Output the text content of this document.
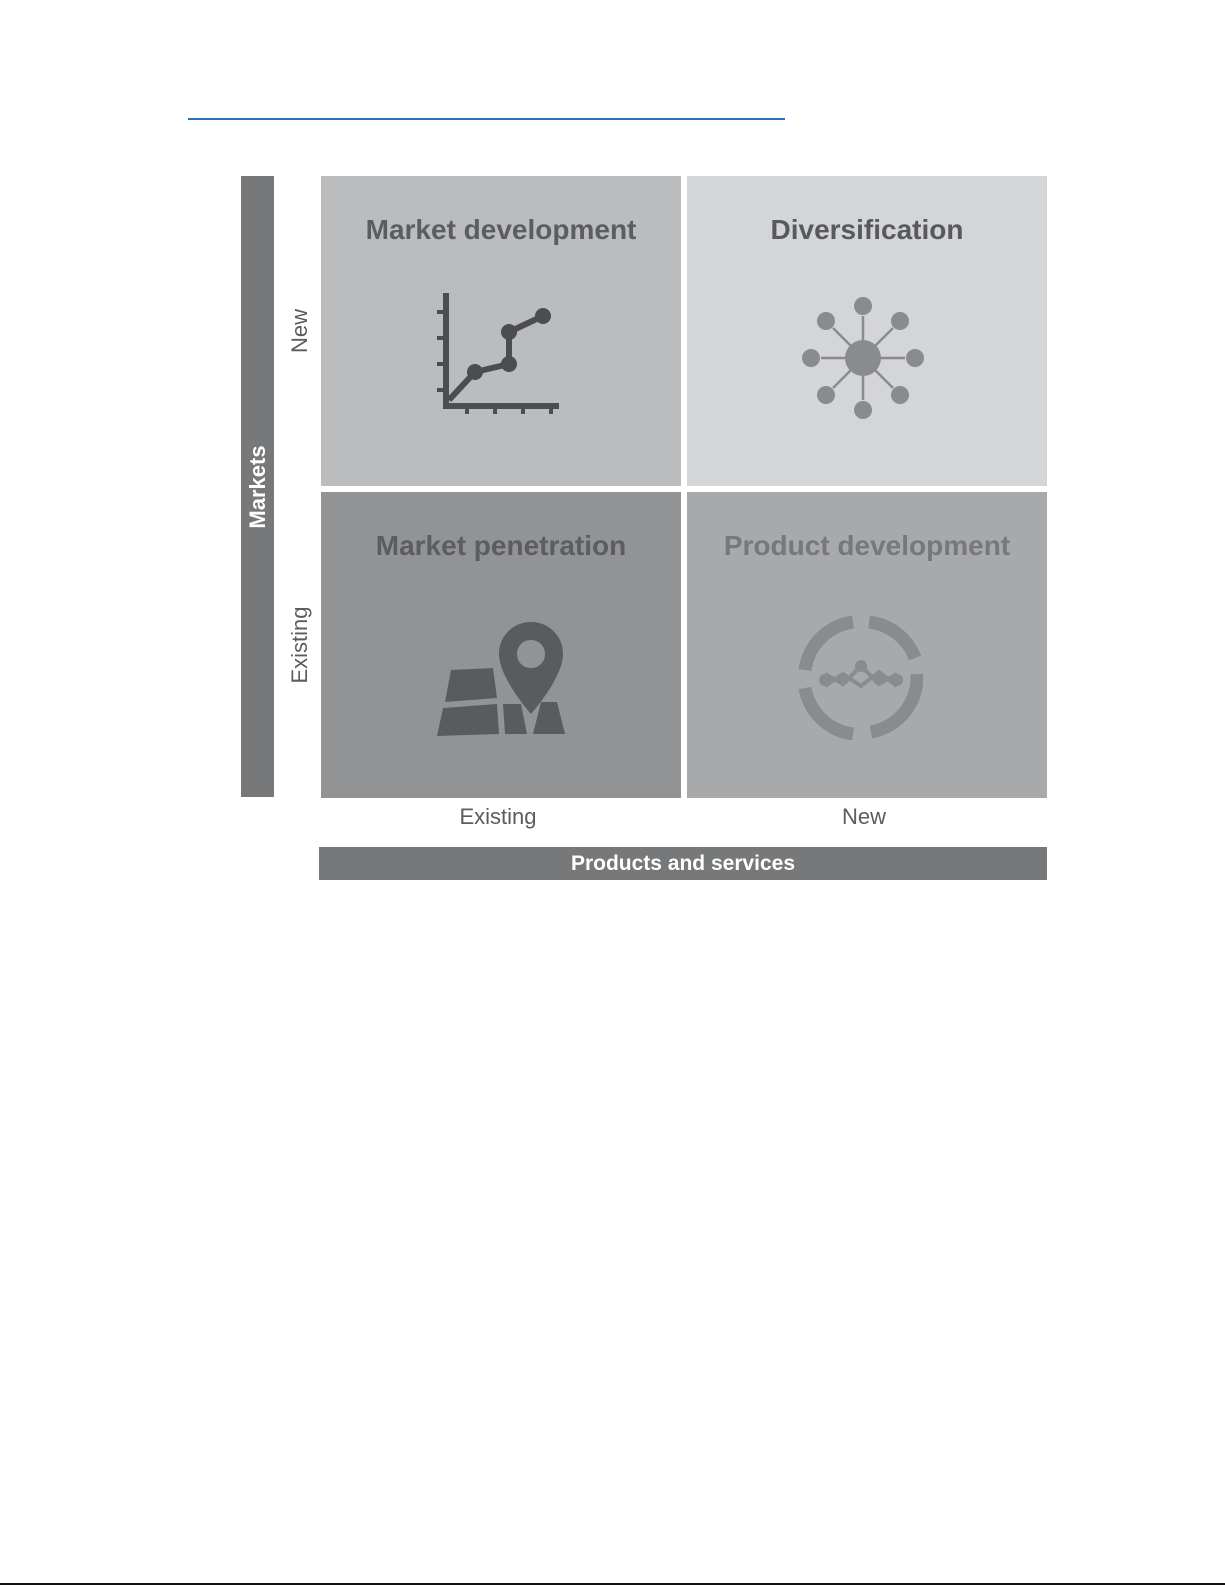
Markets
New
Existing
Market development	Diversification
Market penetration	Product development
Existing	New
Products and services
